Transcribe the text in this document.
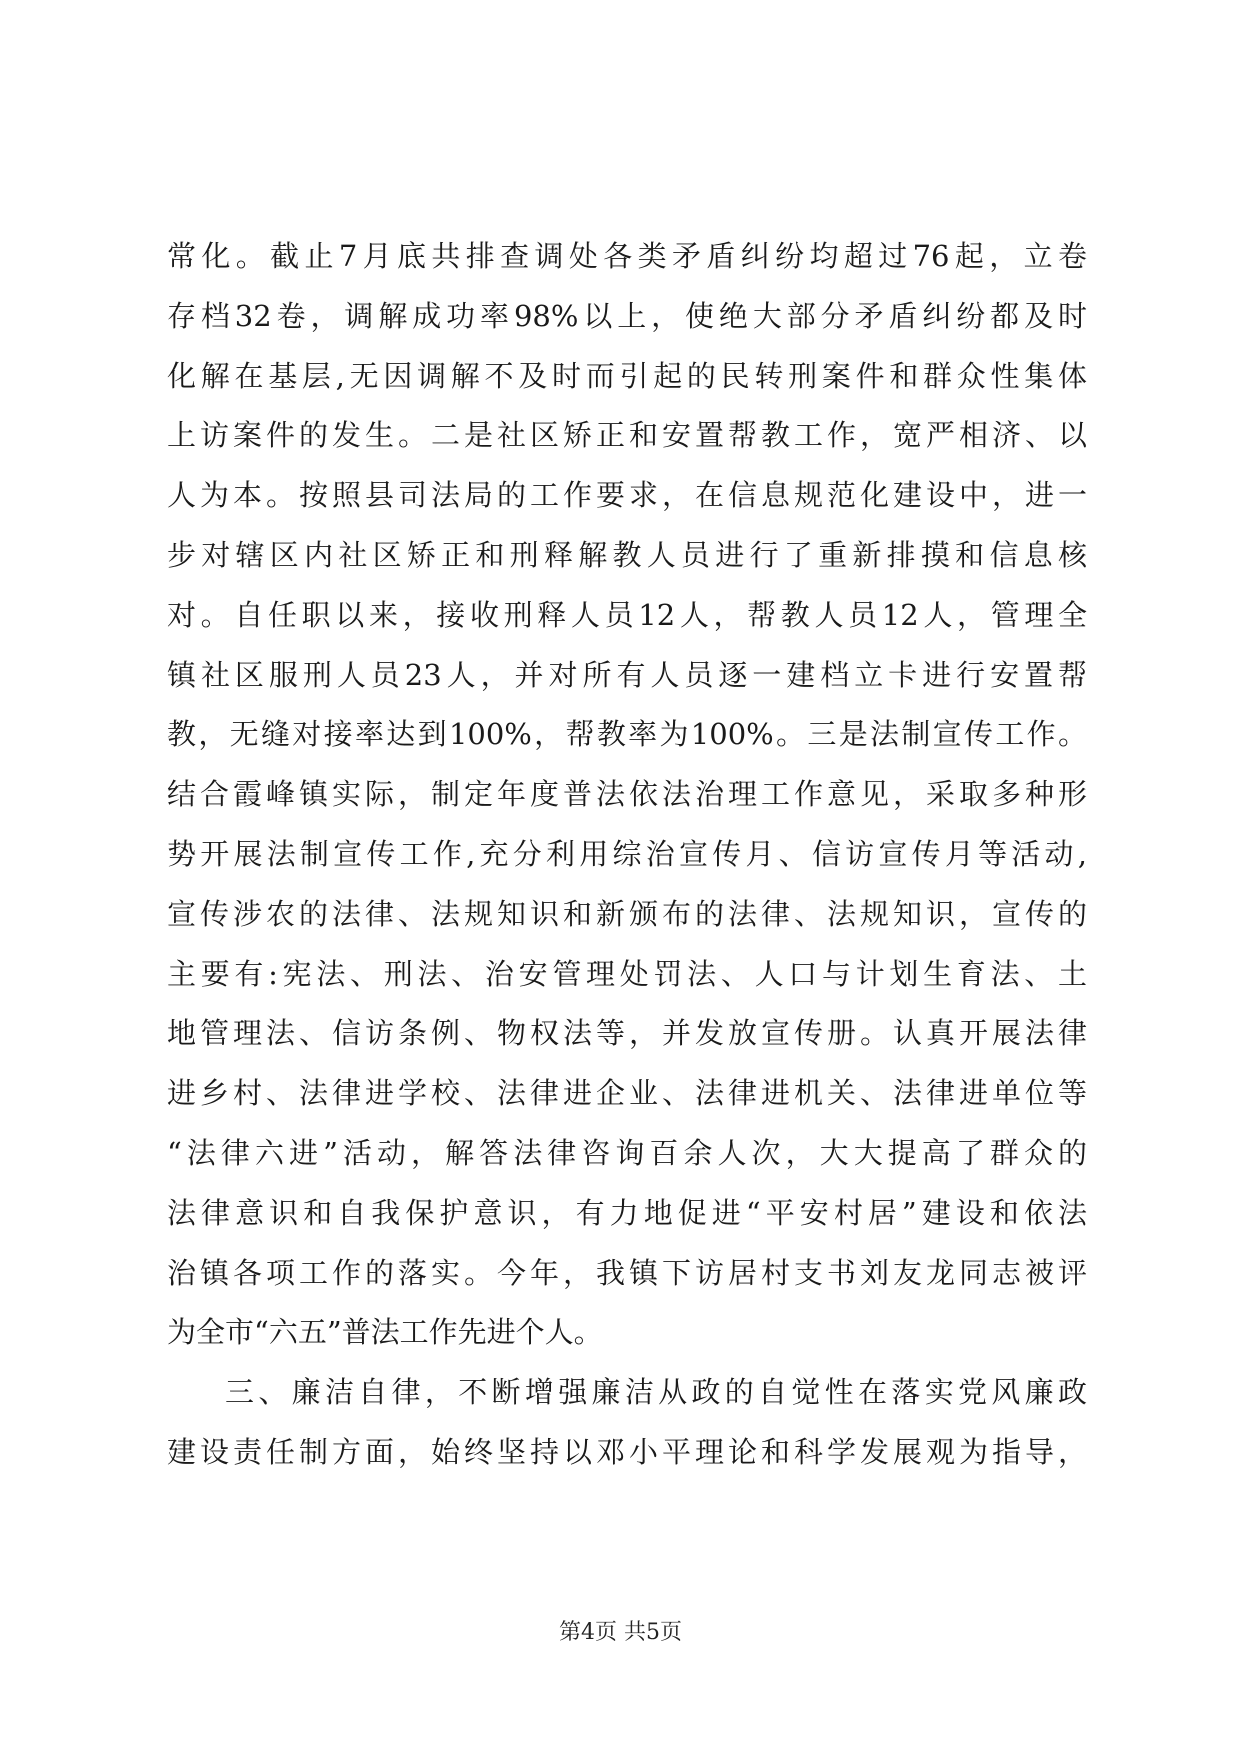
常化。截止7月底共排查调处各类矛盾纠纷均超过76起，立卷
存档32卷，调解成功率98%以上，使绝大部分矛盾纠纷都及时
化解在基层,无因调解不及时而引起的民转刑案件和群众性集体
上访案件的发生。二是社区矫正和安置帮教工作，宽严相济、以
人为本。按照县司法局的工作要求，在信息规范化建设中，进一
步对辖区内社区矫正和刑释解教人员进行了重新排摸和信息核
对。自任职以来，接收刑释人员12人，帮教人员12人，管理全
镇社区服刑人员23人，并对所有人员逐一建档立卡进行安置帮
教，无缝对接率达到100%，帮教率为100%。三是法制宣传工作。
结合霞峰镇实际，制定年度普法依法治理工作意见，采取多种形
势开展法制宣传工作,充分利用综治宣传月、信访宣传月等活动,
宣传涉农的法律、法规知识和新颁布的法律、法规知识，宣传的
主要有:宪法、刑法、治安管理处罚法、人口与计划生育法、土
地管理法、信访条例、物权法等，并发放宣传册。认真开展法律
进乡村、法律进学校、法律进企业、法律进机关、法律进单位等
“法律六进”活动，解答法律咨询百余人次，大大提高了群众的
法律意识和自我保护意识，有力地促进“平安村居”建设和依法
治镇各项工作的落实。今年，我镇下访居村支书刘友龙同志被评
为全市“六五”普法工作先进个人。
三、廉洁自律，不断增强廉洁从政的自觉性在落实党风廉政
建设责任制方面，始终坚持以邓小平理论和科学发展观为指导，
第4页 共5页
